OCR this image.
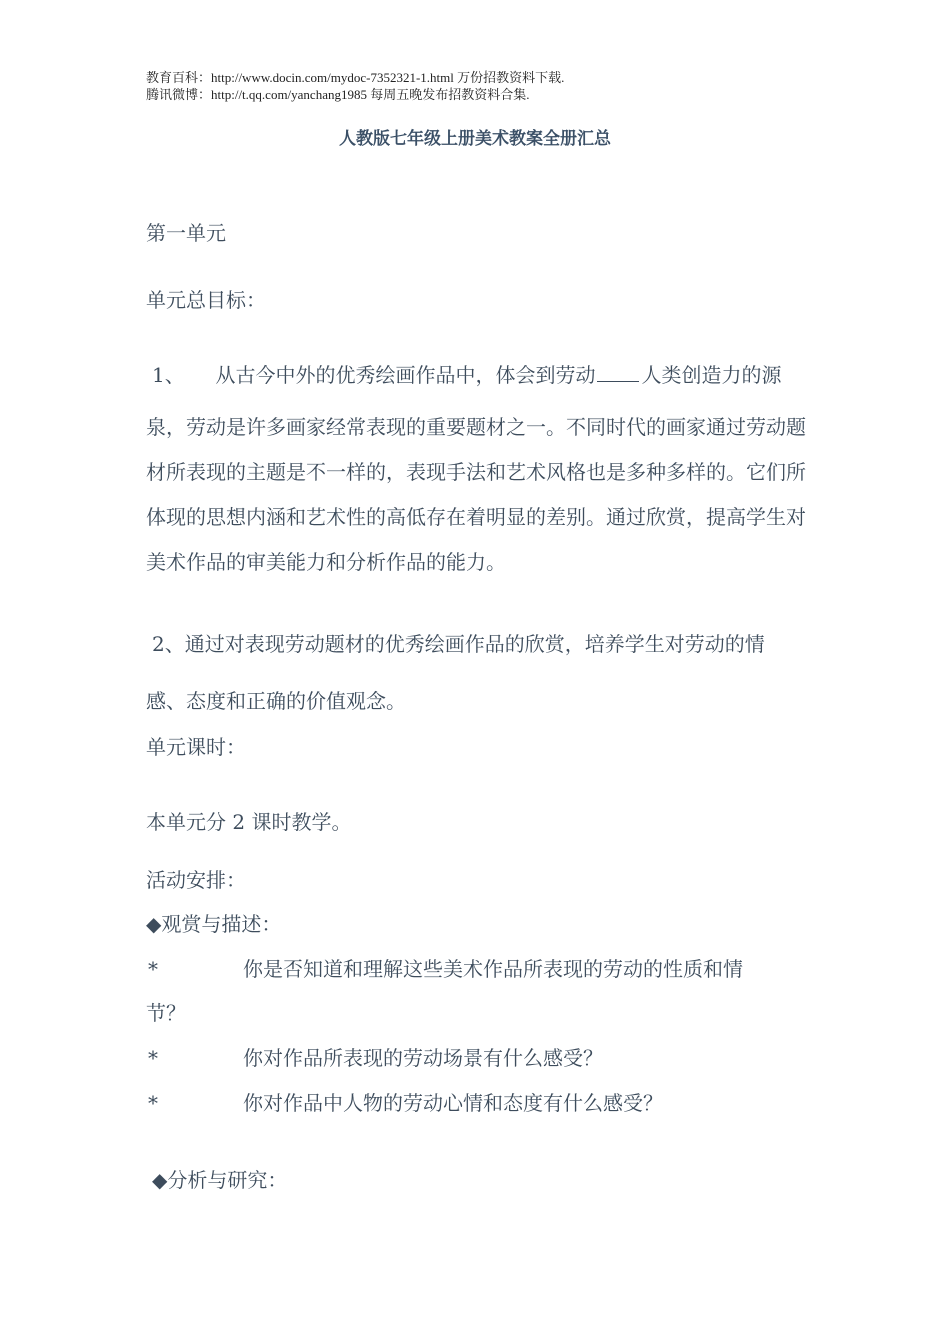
教育百科：http://www.docin.com/mydoc-7352321-1.html 万份招教资料下载.
腾讯微博：http://t.qq.com/yanchang1985 每周五晚发布招教资料合集.
人教版七年级上册美术教案全册汇总
第一单元
单元总目标：
1、 从古今中外的优秀绘画作品中，体会到劳动 人类创造力的源
泉，劳动是许多画家经常表现的重要题材之一。不同时代的画家通过劳动题材所表现的主题是不一样的，表现手法和艺术风格也是多种多样的。它们所体现的思想内涵和艺术性的高低存在着明显的差别。通过欣赏，提高学生对美术作品的审美能力和分析作品的能力。
2、通过对表现劳动题材的优秀绘画作品的欣赏，培养学生对劳动的情
感、态度和正确的价值观念。
单元课时：
本单元分 2 课时教学。
活动安排：
◆观赏与描述：
*	你是否知道和理解这些美术作品所表现的劳动的性质和情
节？
*	你对作品所表现的劳动场景有什么感受？
*	你对作品中人物的劳动心情和态度有什么感受？
◆分析与研究：
